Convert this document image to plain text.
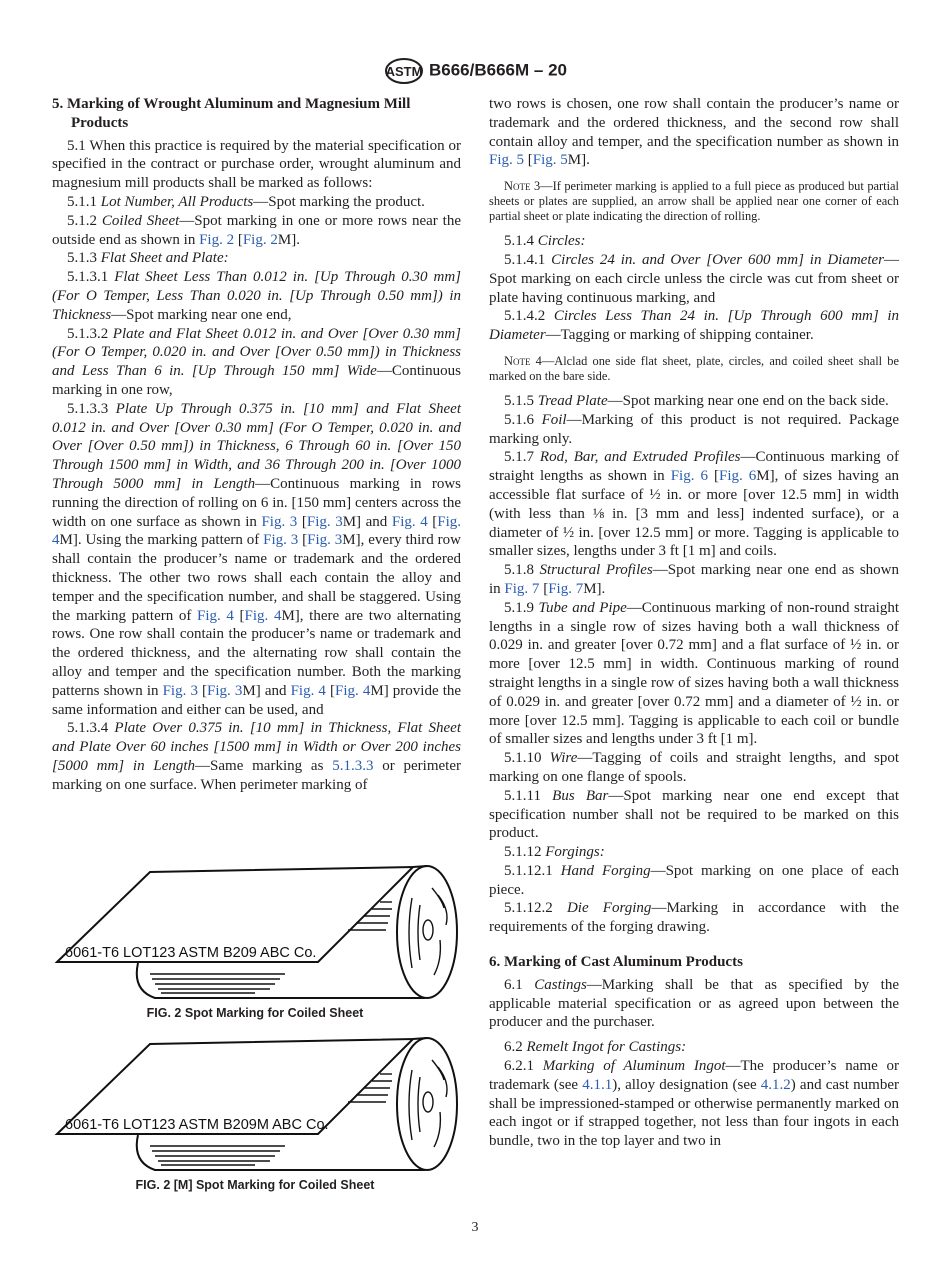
ASTM B666/B666M – 20

5. Marking of Wrought Aluminum and Magnesium Mill Products

5.1 When this practice is required by the material specification or specified in the contract or purchase order, wrought aluminum and magnesium mill products shall be marked as follows:

5.1.1 Lot Number, All Products—Spot marking the product.

5.1.2 Coiled Sheet—Spot marking in one or more rows near the outside end as shown in Fig. 2 [Fig. 2M].

5.1.3 Flat Sheet and Plate:

5.1.3.1 Flat Sheet Less Than 0.012 in. [Up Through 0.30 mm] (For O Temper, Less Than 0.020 in. [Up Through 0.50 mm]) in Thickness—Spot marking near one end,

5.1.3.2 Plate and Flat Sheet 0.012 in. and Over [Over 0.30 mm] (For O Temper, 0.020 in. and Over [Over 0.50 mm]) in Thickness and Less Than 6 in. [Up Through 150 mm] Wide—Continuous marking in one row,

5.1.3.3 Plate Up Through 0.375 in. [10 mm] and Flat Sheet 0.012 in. and Over [Over 0.30 mm] (For O Temper, 0.020 in. and Over [Over 0.50 mm]) in Thickness, 6 Through 60 in. [Over 150 Through 1500 mm] in Width, and 36 Through 200 in. [Over 1000 Through 5000 mm] in Length—Continuous marking in rows running the direction of rolling on 6 in. [150 mm] centers across the width on one surface as shown in Fig. 3 [Fig. 3M] and Fig. 4 [Fig. 4M]. Using the marking pattern of Fig. 3 [Fig. 3M], every third row shall contain the producer’s name or trademark and the ordered thickness. The other two rows shall each contain the alloy and temper and the specification number, and shall be staggered. Using the marking pattern of Fig. 4 [Fig. 4M], there are two alternating rows. One row shall contain the producer’s name or trademark and the ordered thickness, and the alternating row shall contain the alloy and temper and the specification number. Both the marking patterns shown in Fig. 3 [Fig. 3M] and Fig. 4 [Fig. 4M] provide the same information and either can be used, and

5.1.3.4 Plate Over 0.375 in. [10 mm] in Thickness, Flat Sheet and Plate Over 60 inches [1500 mm] in Width or Over 200 inches [5000 mm] in Length—Same marking as 5.1.3.3 or perimeter marking on one surface. When perimeter marking of

two rows is chosen, one row shall contain the producer’s name or trademark and the ordered thickness, and the second row shall contain alloy and temper, and the specification number as shown in Fig. 5 [Fig. 5M].

Note 3—If perimeter marking is applied to a full piece as produced but partial sheets or plates are supplied, an arrow shall be applied near one corner of each partial sheet or plate indicating the direction of rolling.

5.1.4 Circles:

5.1.4.1 Circles 24 in. and Over [Over 600 mm] in Diameter—Spot marking on each circle unless the circle was cut from sheet or plate having continuous marking, and

5.1.4.2 Circles Less Than 24 in. [Up Through 600 mm] in Diameter—Tagging or marking of shipping container.

Note 4—Alclad one side flat sheet, plate, circles, and coiled sheet shall be marked on the bare side.

5.1.5 Tread Plate—Spot marking near one end on the back side.

5.1.6 Foil—Marking of this product is not required. Package marking only.

5.1.7 Rod, Bar, and Extruded Profiles—Continuous marking of straight lengths as shown in Fig. 6 [Fig. 6M], of sizes having an accessible flat surface of ½ in. or more [over 12.5 mm] in width (with less than ⅛ in. [3 mm and less] indented surface), or a diameter of ½ in. [over 12.5 mm] or more. Tagging is applicable to smaller sizes, lengths under 3 ft [1 m] and coils.

5.1.8 Structural Profiles—Spot marking near one end as shown in Fig. 7 [Fig. 7M].

5.1.9 Tube and Pipe—Continuous marking of non-round straight lengths in a single row of sizes having both a wall thickness of 0.029 in. and greater [over 0.72 mm] and a flat surface of ½ in. or more [over 12.5 mm] in width. Continuous marking of round straight lengths in a single row of sizes having both a wall thickness of 0.029 in. and greater [over 0.72 mm] and a diameter of ½ in. or more [over 12.5 mm]. Tagging is applicable to each coil or bundle of smaller sizes and lengths under 3 ft [1 m].

5.1.10 Wire—Tagging of coils and straight lengths, and spot marking on one flange of spools.

5.1.11 Bus Bar—Spot marking near one end except that specification number shall not be required to be marked on this product.

5.1.12 Forgings:

5.1.12.1 Hand Forging—Spot marking on one place of each piece.

5.1.12.2 Die Forging—Marking in accordance with the requirements of the forging drawing.

6. Marking of Cast Aluminum Products

6.1 Castings—Marking shall be that as specified by the applicable material specification or as agreed upon between the producer and the purchaser.

6.2 Remelt Ingot for Castings:

6.2.1 Marking of Aluminum Ingot—The producer’s name or trademark (see 4.1.1), alloy designation (see 4.1.2) and cast number shall be impressioned-stamped or otherwise permanently marked on each ingot or if strapped together, not less than four ingots in each bundle, two in the top layer and two in

6061-T6 LOT123 ASTM B209 ABC Co.
FIG. 2 Spot Marking for Coiled Sheet
6061-T6 LOT123 ASTM B209M ABC Co.
FIG. 2 [M] Spot Marking for Coiled Sheet
3
